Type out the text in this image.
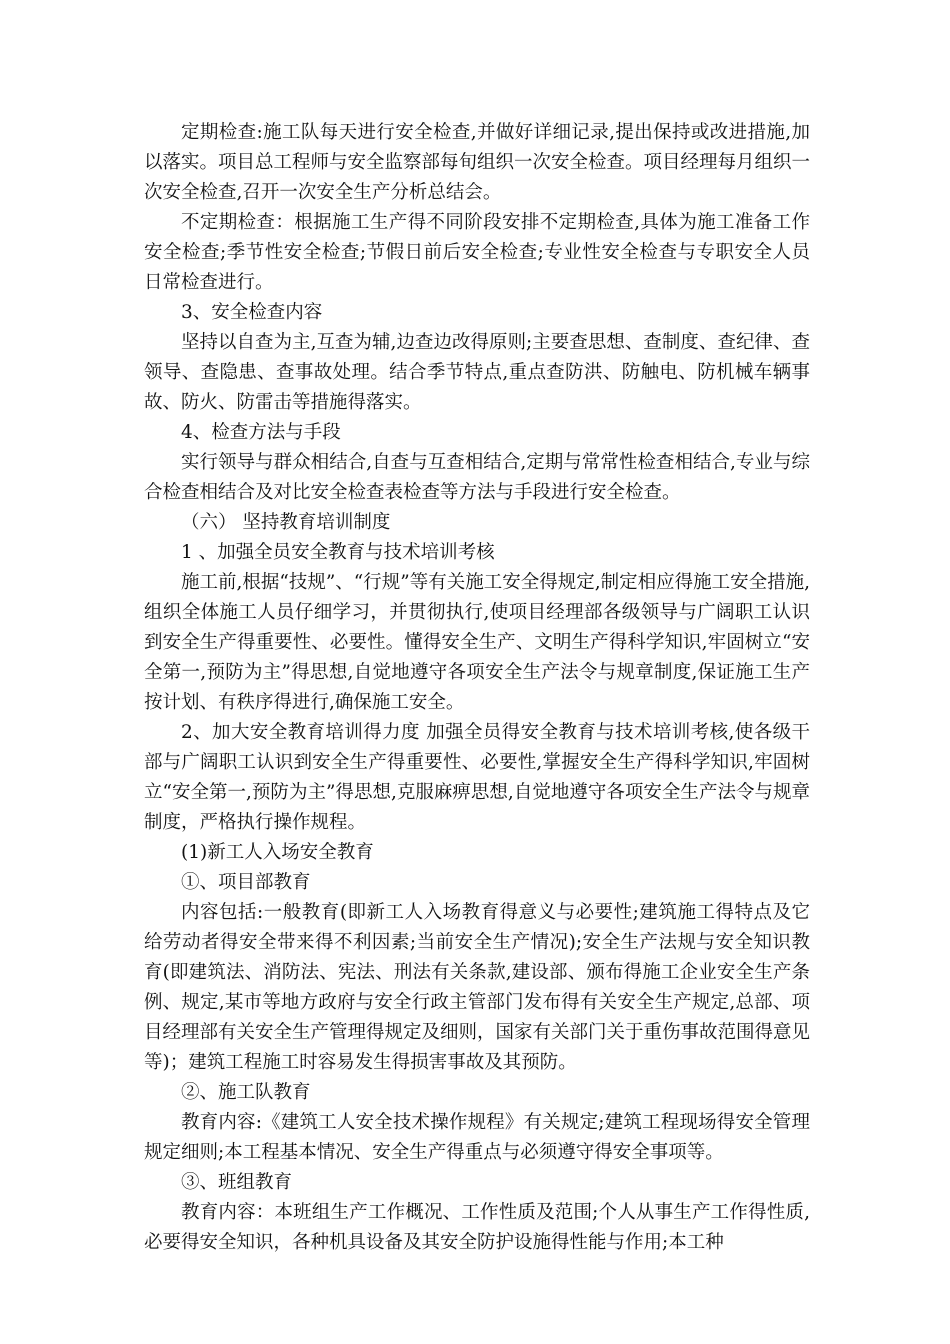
定期检查:施工队每天进行安全检查,并做好详细记录,提出保持或改进措施,加以落实。项目总工程师与安全监察部每旬组织一次安全检查。项目经理每月组织一次安全检查,召开一次安全生产分析总结会。

不定期检查：根据施工生产得不同阶段安排不定期检查,具体为施工准备工作安全检查;季节性安全检查;节假日前后安全检查;专业性安全检查与专职安全人员日常检查进行。

3、安全检查内容

坚持以自查为主,互查为辅,边查边改得原则;主要查思想、查制度、查纪律、查领导、查隐患、查事故处理。结合季节特点,重点查防洪、防触电、防机械车辆事故、防火、防雷击等措施得落实。

4、检查方法与手段

实行领导与群众相结合,自查与互查相结合,定期与常常性检查相结合,专业与综合检查相结合及对比安全检查表检查等方法与手段进行安全检查。

（六） 坚持教育培训制度

1 、加强全员安全教育与技术培训考核

施工前,根据“技规”、“行规”等有关施工安全得规定,制定相应得施工安全措施,组织全体施工人员仔细学习，并贯彻执行,使项目经理部各级领导与广阔职工认识到安全生产得重要性、必要性。懂得安全生产、文明生产得科学知识,牢固树立“安全第一,预防为主”得思想,自觉地遵守各项安全生产法令与规章制度,保证施工生产按计划、有秩序得进行,确保施工安全。

2、加大安全教育培训得力度 加强全员得安全教育与技术培训考核,使各级干部与广阔职工认识到安全生产得重要性、必要性,掌握安全生产得科学知识,牢固树立“安全第一,预防为主”得思想,克服麻痹思想,自觉地遵守各项安全生产法令与规章制度，严格执行操作规程。

(1)新工人入场安全教育

①、项目部教育

内容包括:一般教育(即新工人入场教育得意义与必要性;建筑施工得特点及它给劳动者得安全带来得不利因素;当前安全生产情况);安全生产法规与安全知识教育(即建筑法、消防法、宪法、刑法有关条款,建设部、颁布得施工企业安全生产条例、规定,某市等地方政府与安全行政主管部门发布得有关安全生产规定,总部、项目经理部有关安全生产管理得规定及细则，国家有关部门关于重伤事故范围得意见等)；建筑工程施工时容易发生得损害事故及其预防。

②、施工队教育

教育内容:《建筑工人安全技术操作规程》有关规定;建筑工程现场得安全管理规定细则;本工程基本情况、安全生产得重点与必须遵守得安全事项等。

③、班组教育

教育内容：本班组生产工作概况、工作性质及范围;个人从事生产工作得性质,必要得安全知识，各种机具设备及其安全防护设施得性能与作用;本工种
